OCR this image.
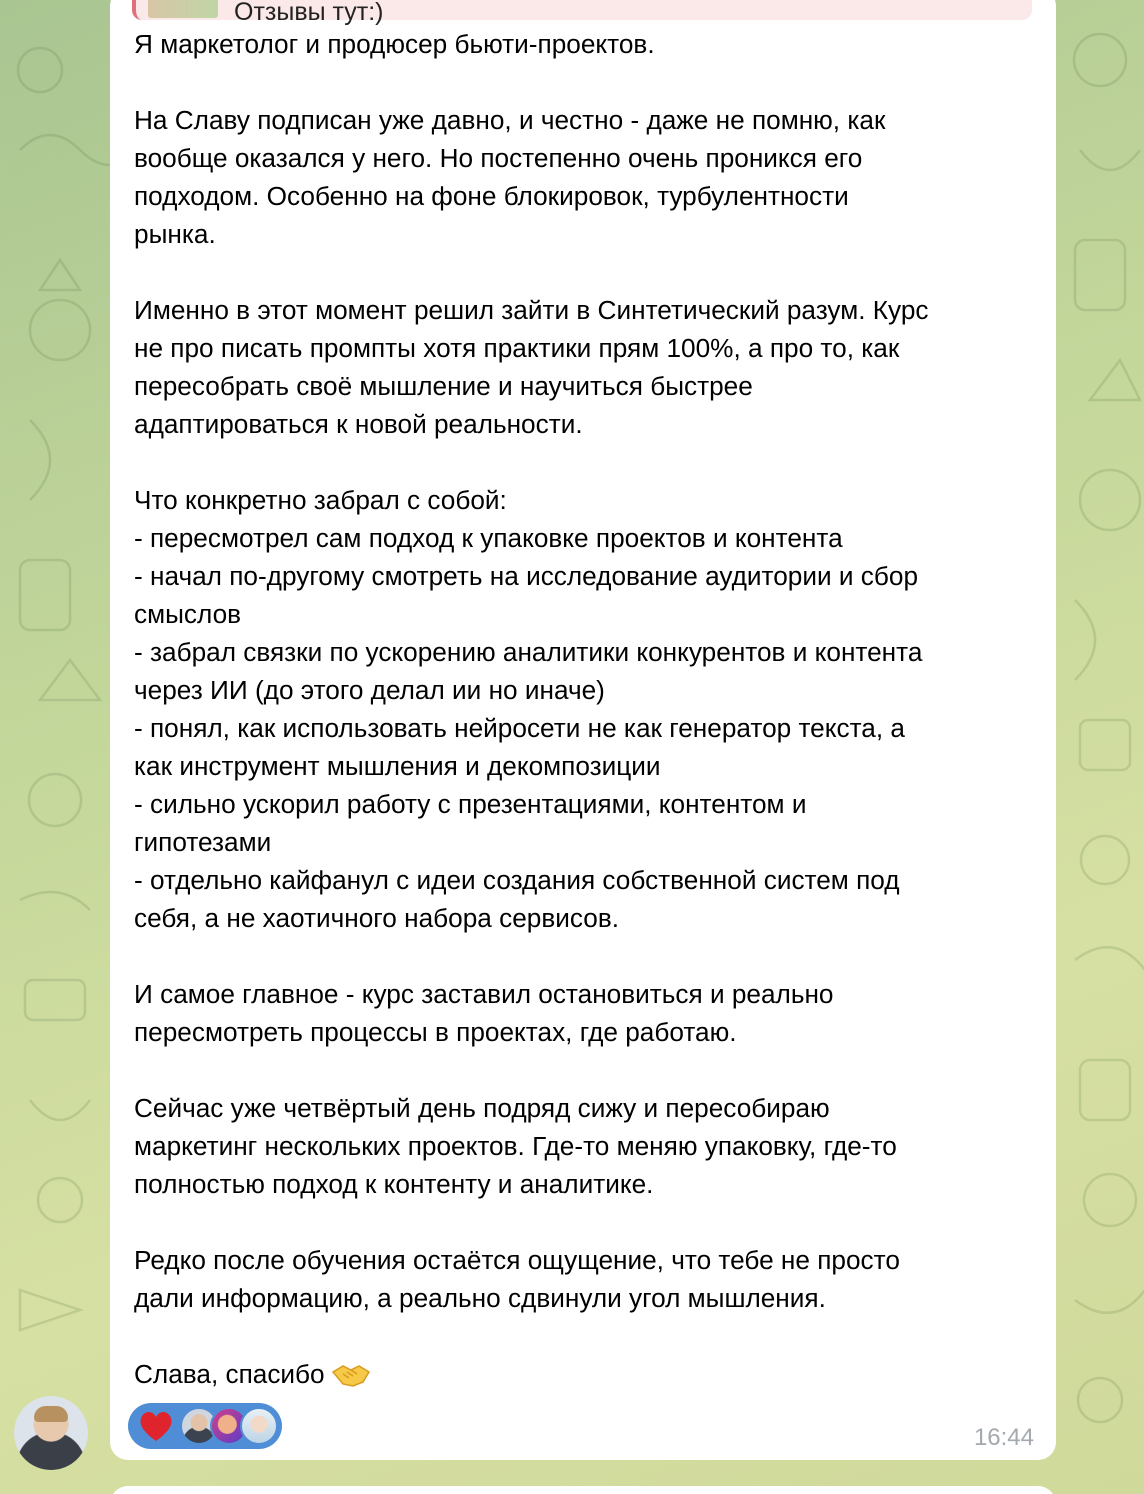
Отзывы тут:)

Я маркетолог и продюсер бьюти-проектов.

На Славу подписан уже давно, и честно - даже не помню, как
вообще оказался у него. Но постепенно очень проникся его
подходом. Особенно на фоне блокировок, турбулентности
рынка.

Именно в этот момент решил зайти в Синтетический разум. Курс
не про писать промпты хотя практики прям 100%, а про то, как
пересобрать своё мышление и научиться быстрее
адаптироваться к новой реальности.

Что конкретно забрал с собой:
- пересмотрел сам подход к упаковке проектов и контента
- начал по-другому смотреть на исследование аудитории и сбор
смыслов
- забрал связки по ускорению аналитики конкурентов и контента
через ИИ (до этого делал ии но иначе)
- понял, как использовать нейросети не как генератор текста, а
как инструмент мышления и декомпозиции
- сильно ускорил работу с презентациями, контентом и
гипотезами
- отдельно кайфанул с идеи создания собственной систем под
себя, а не хаотичного набора сервисов.

И самое главное - курс заставил остановиться и реально
пересмотреть процессы в проектах, где работаю.

Сейчас уже четвёртый день подряд сижу и пересобираю
маркетинг нескольких проектов. Где-то меняю упаковку, где-то
полностью подход к контенту и аналитике.

Редко после обучения остаётся ощущение, что тебе не просто
дали информацию, а реально сдвинули угол мышления.

Слава, спасибо

16:44
